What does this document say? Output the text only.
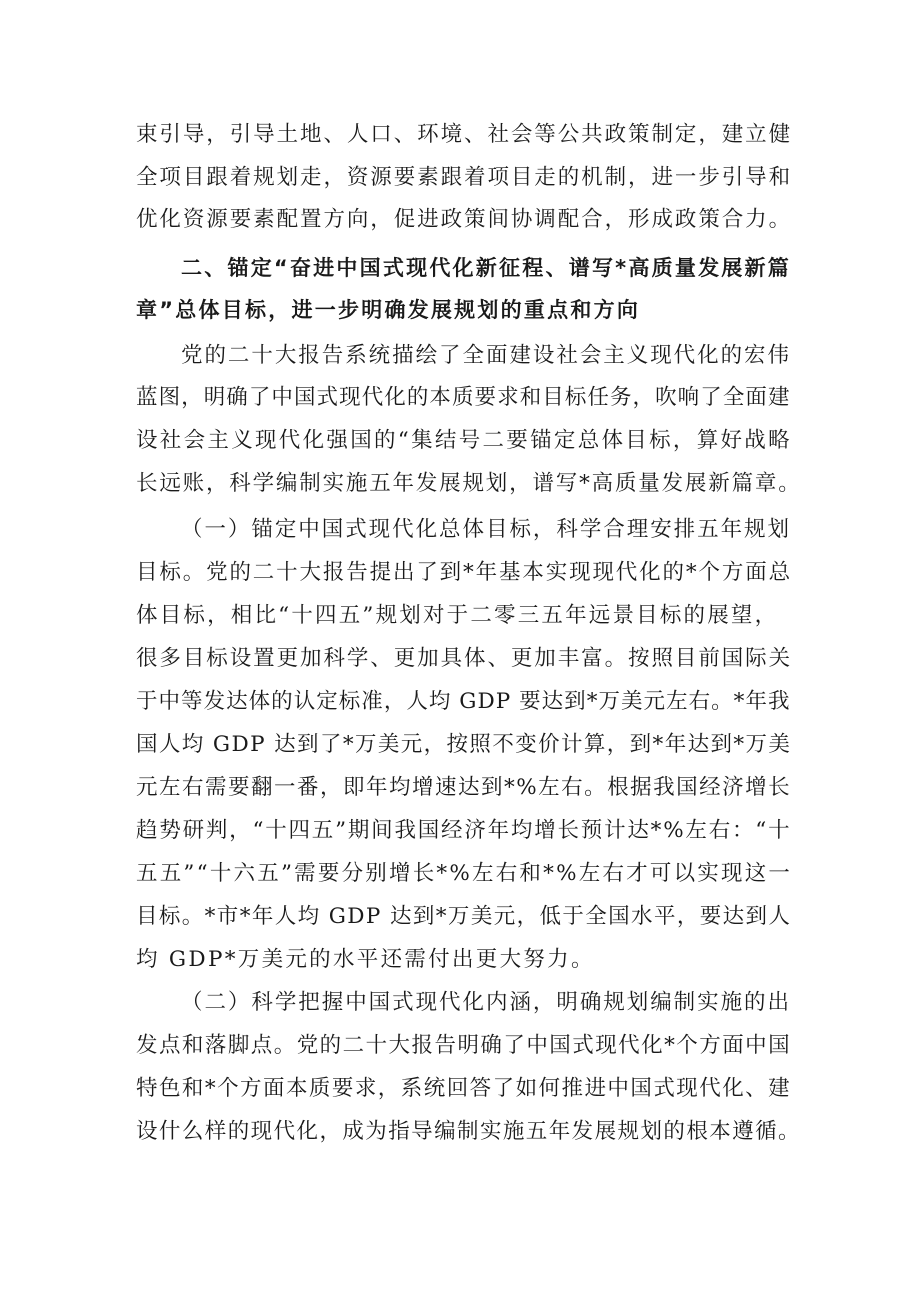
束引导，引导土地、人口、环境、社会等公共政策制定，建立健
全项目跟着规划走，资源要素跟着项目走的机制，进一步引导和
优化资源要素配置方向，促进政策间协调配合，形成政策合力。
二、锚定“奋进中国式现代化新征程、谱写*高质量发展新篇
章”总体目标，进一步明确发展规划的重点和方向
党的二十大报告系统描绘了全面建设社会主义现代化的宏伟
蓝图，明确了中国式现代化的本质要求和目标任务，吹响了全面建
设社会主义现代化强国的“集结号二要锚定总体目标，算好战略
长远账，科学编制实施五年发展规划，谱写*高质量发展新篇章。
（一）锚定中国式现代化总体目标，科学合理安排五年规划
目标。党的二十大报告提出了到*年基本实现现代化的*个方面总
体目标，相比“十四五”规划对于二零三五年远景目标的展望，
很多目标设置更加科学、更加具体、更加丰富。按照目前国际关
于中等发达体的认定标准，人均 GDP 要达到*万美元左右。*年我
国人均 GDP 达到了*万美元，按照不变价计算，到*年达到*万美
元左右需要翻一番，即年均增速达到*%左右。根据我国经济增长
趋势研判，“十四五”期间我国经济年均增长预计达*%左右：“十
五五”“十六五”需要分别增长*%左右和*%左右才可以实现这一
目标。*市*年人均 GDP 达到*万美元，低于全国水平，要达到人
均 GDP*万美元的水平还需付出更大努力。
（二）科学把握中国式现代化内涵，明确规划编制实施的出
发点和落脚点。党的二十大报告明确了中国式现代化*个方面中国
特色和*个方面本质要求，系统回答了如何推进中国式现代化、建
设什么样的现代化，成为指导编制实施五年发展规划的根本遵循。
